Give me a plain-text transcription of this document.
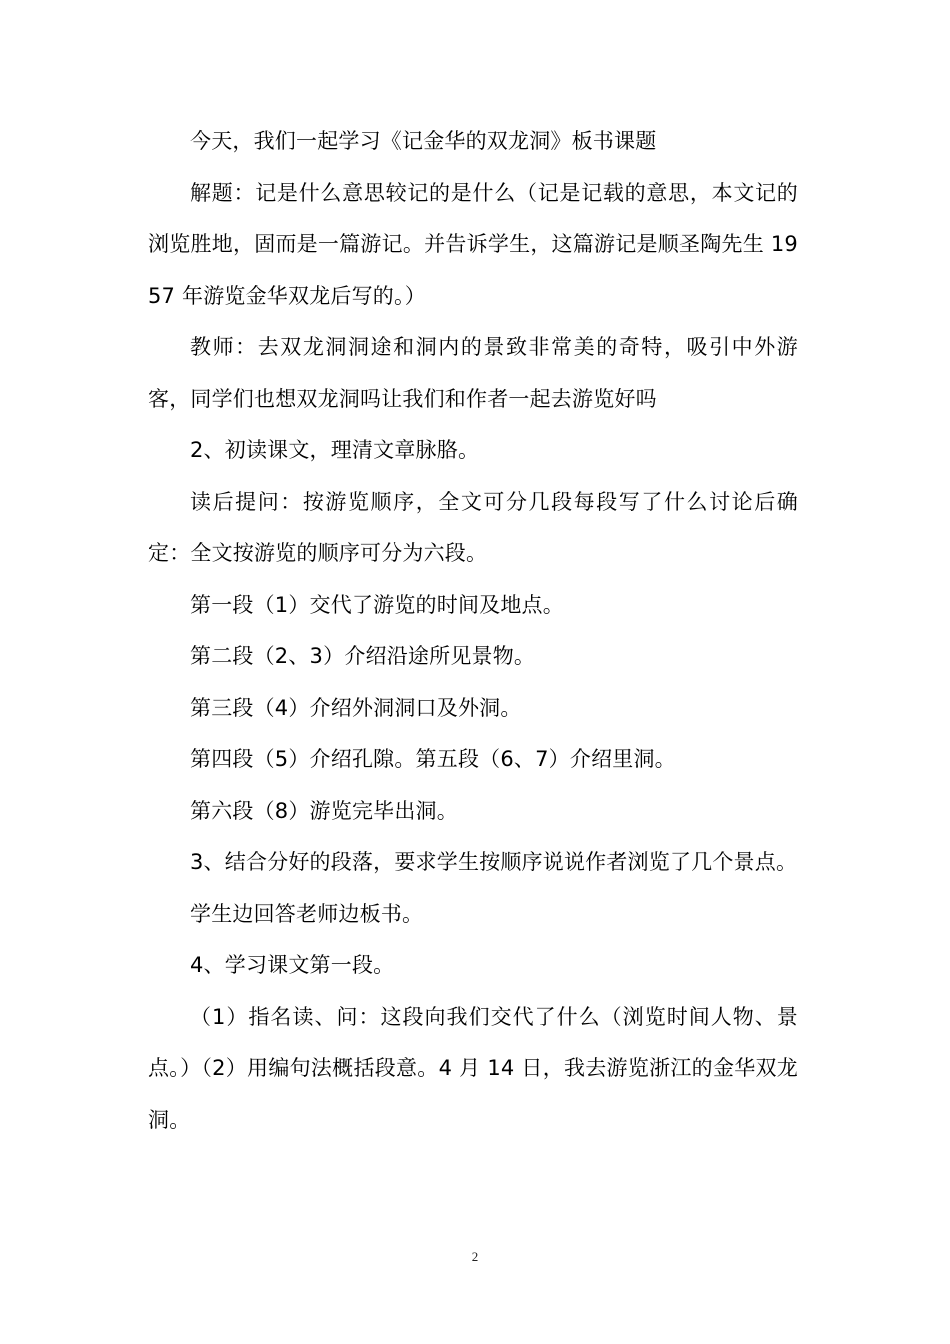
今天，我们一起学习《记金华的双龙洞》板书课题

解题：记是什么意思较记的是什么（记是记载的意思，本文记的浏览胜地，固而是一篇游记。并告诉学生，这篇游记是顺圣陶先生 1957 年游览金华双龙后写的。）

教师：去双龙洞洞途和洞内的景致非常美的奇特，吸引中外游客，同学们也想双龙洞吗让我们和作者一起去游览好吗

2、初读课文，理清文章脉胳。

读后提问：按游览顺序，全文可分几段每段写了什么讨论后确定：全文按游览的顺序可分为六段。

第一段（1）交代了游览的时间及地点。

第二段（2、3）介绍沿途所见景物。

第三段（4）介绍外洞洞口及外洞。

第四段（5）介绍孔隙。第五段（6、7）介绍里洞。

第六段（8）游览完毕出洞。

3、结合分好的段落，要求学生按顺序说说作者浏览了几个景点。

学生边回答老师边板书。

4、学习课文第一段。

（1）指名读、问：这段向我们交代了什么（浏览时间人物、景点。）（2）用编句法概括段意。4 月 14 日，我去游览浙江的金华双龙洞。

2
